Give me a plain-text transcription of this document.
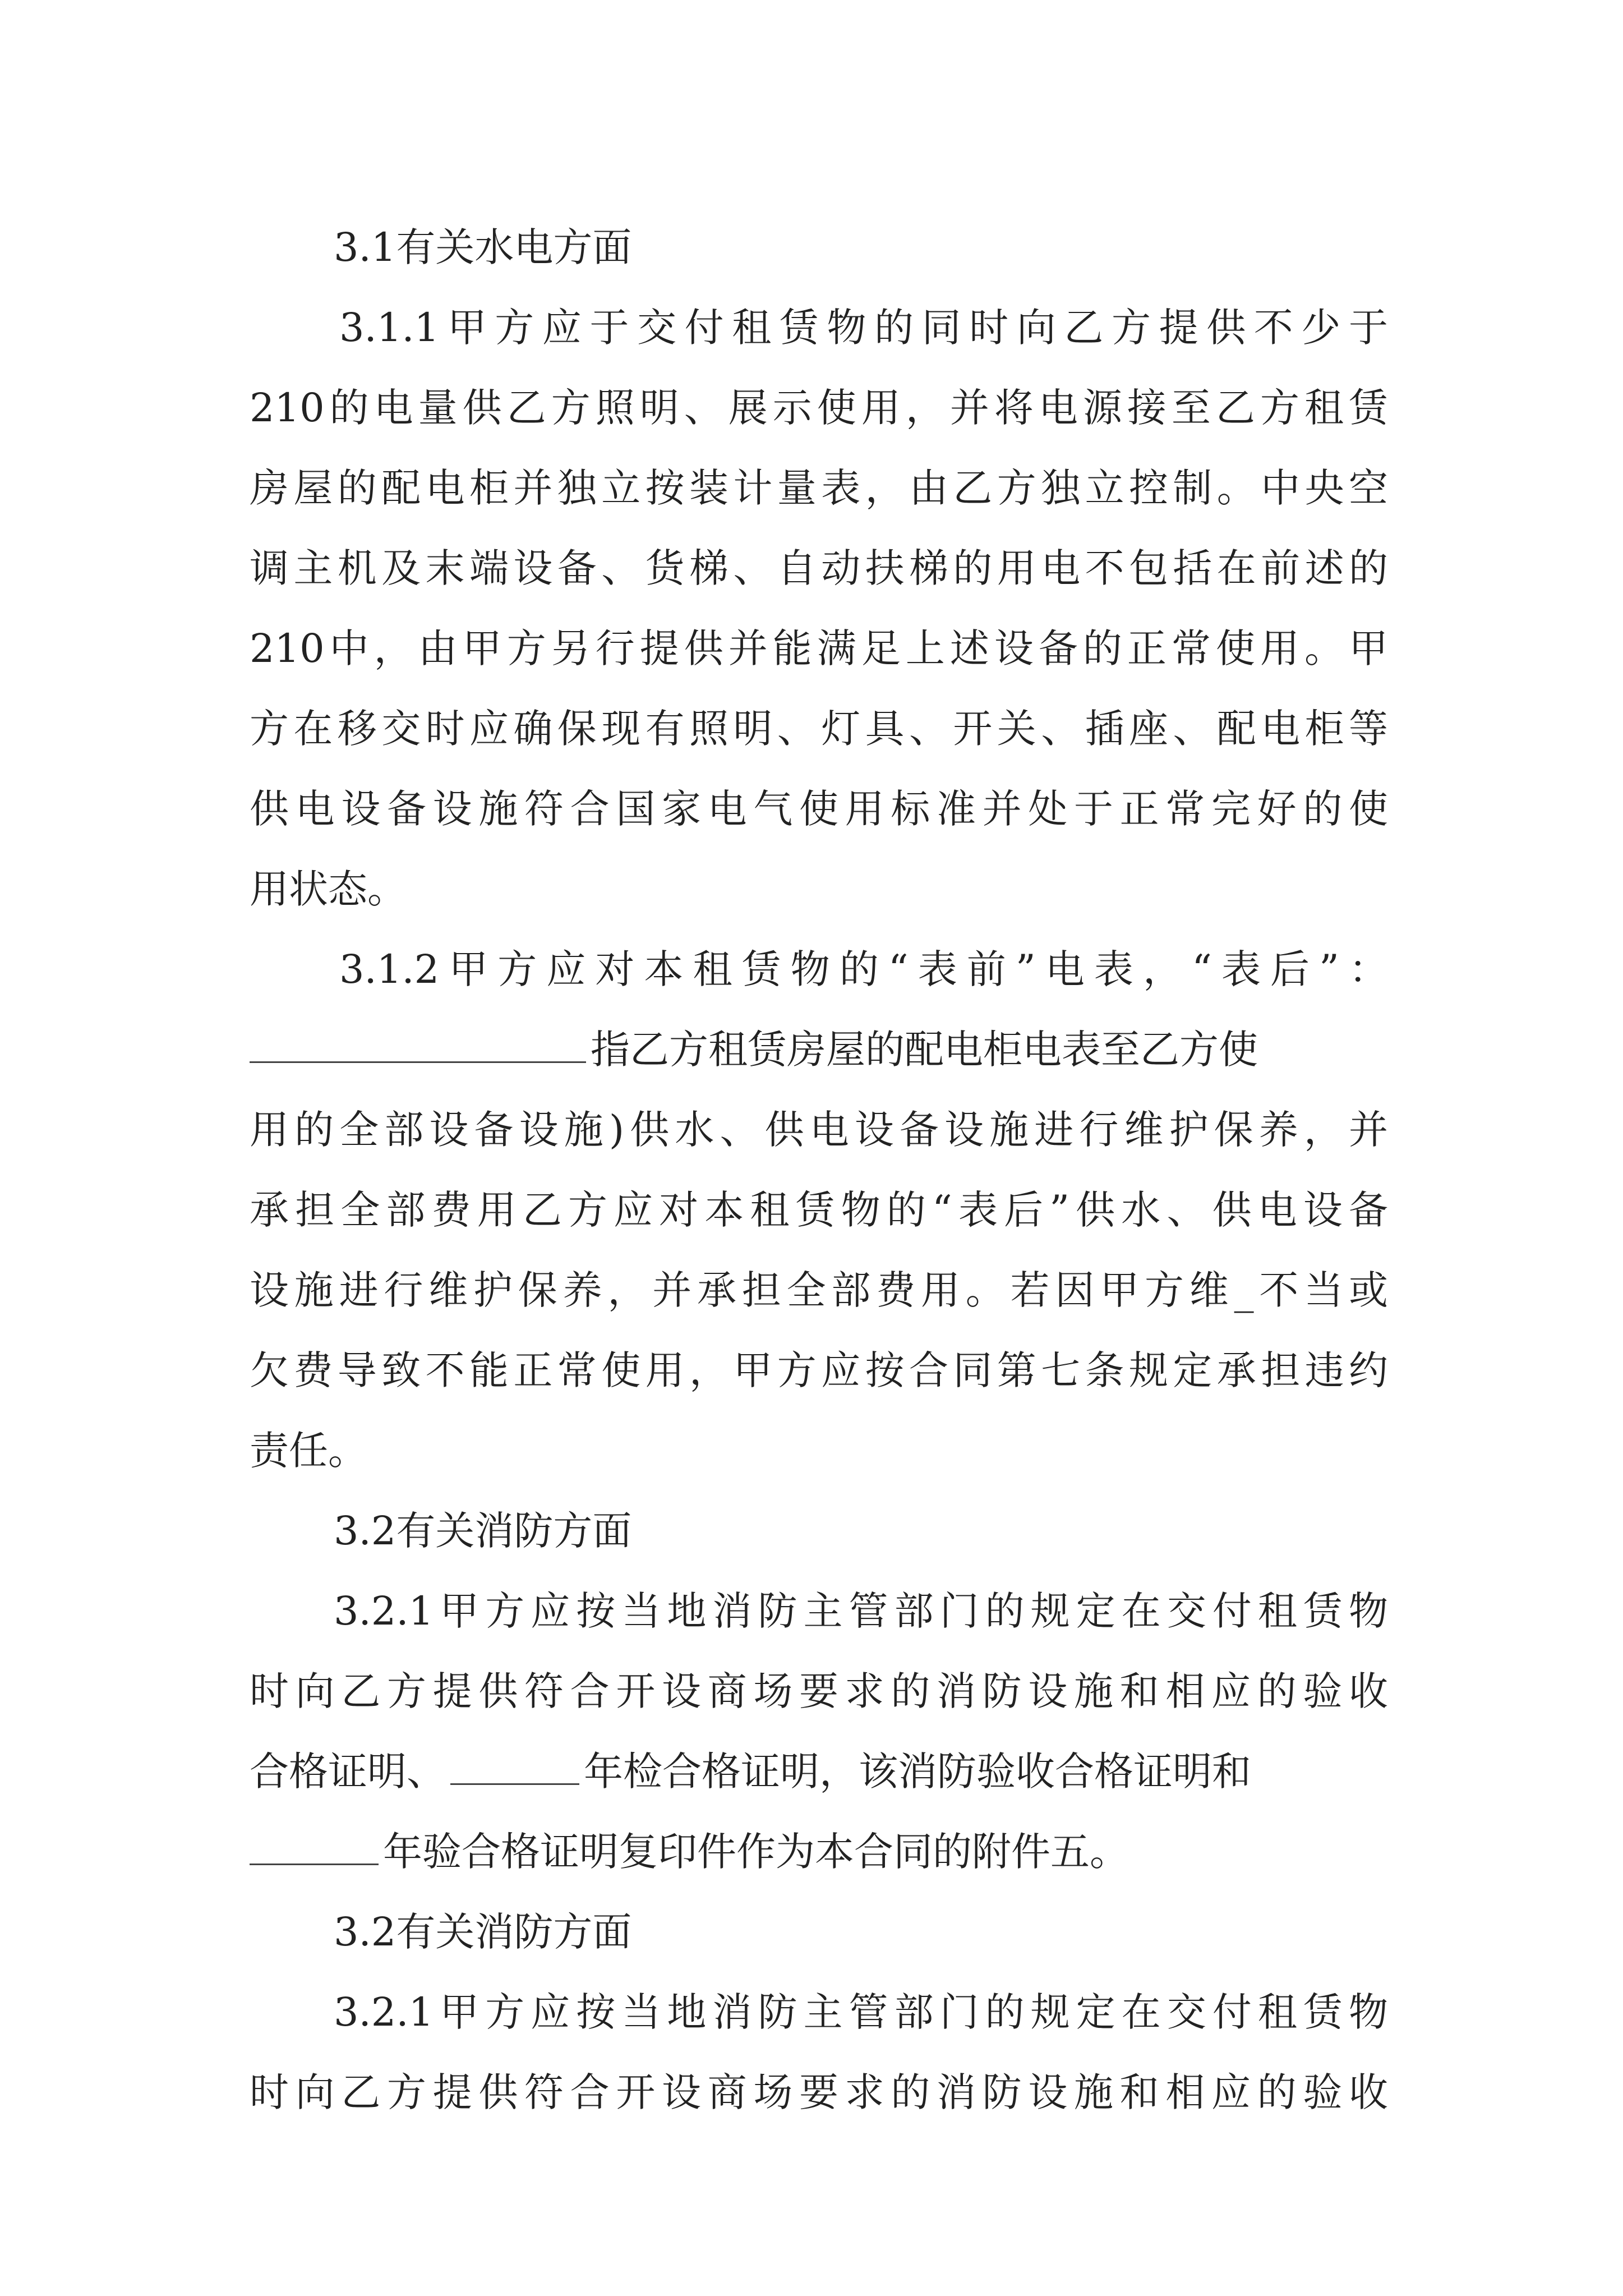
3.1有关水电方面
3.1.1甲方应于交付租赁物的同时向乙方提供不少于
210的电量供乙方照明、展示使用，并将电源接至乙方租赁
房屋的配电柜并独立按装计量表，由乙方独立控制。中央空
调主机及末端设备、货梯、自动扶梯的用电不包括在前述的
210中，由甲方另行提供并能满足上述设备的正常使用。甲
方在移交时应确保现有照明、灯具、开关、插座、配电柜等
供电设备设施符合国家电气使用标准并处于正常完好的使
用状态。
3.1.2甲方应对本租赁物的“表前”电表，“表后”：
指乙方租赁房屋的配电柜电表至乙方使
用的全部设备设施)供水、供电设备设施进行维护保养，并
承担全部费用乙方应对本租赁物的“表后”供水、供电设备
设施进行维护保养，并承担全部费用。若因甲方维_不当或
欠费导致不能正常使用，甲方应按合同第七条规定承担违约
责任。
3.2有关消防方面
3.2.1甲方应按当地消防主管部门的规定在交付租赁物
时向乙方提供符合开设商场要求的消防设施和相应的验收
合格证明、	年检合格证明，该消防验收合格证明和
年验合格证明复印件作为本合同的附件五。
3.2有关消防方面
3.2.1甲方应按当地消防主管部门的规定在交付租赁物
时向乙方提供符合开设商场要求的消防设施和相应的验收
